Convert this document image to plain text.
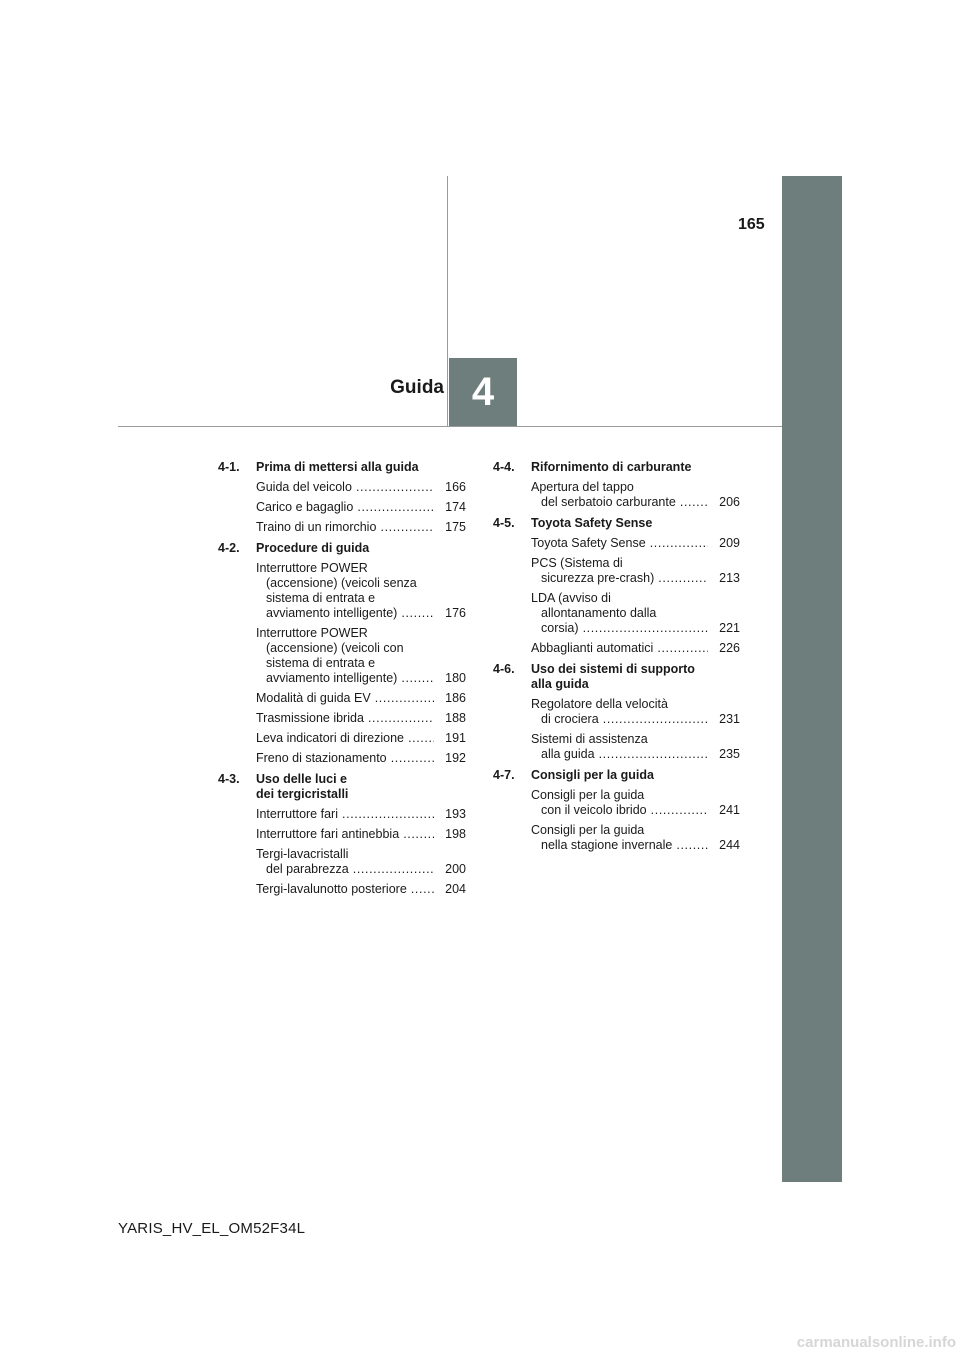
165
Guida 4
4-1.	Prima di mettersi alla guida
Guida del veicolo .....	166
Carico e bagaglio .....	174
Traino di un rimorchio .....	175
4-2.	Procedure di guida
Interruttore POWER
(accensione) (veicoli senza
sistema di entrata e
avviamento intelligente) .....	176
Interruttore POWER
(accensione) (veicoli con
sistema di entrata e
avviamento intelligente) .....	180
Modalità di guida EV .....	186
Trasmissione ibrida .....	188
Leva indicatori di direzione .....	191
Freno di stazionamento .....	192
4-3.	Uso delle luci e
dei tergicristalli
Interruttore fari .....	193
Interruttore fari antinebbia .....	198
Tergi-lavacristalli
del parabrezza .....	200
Tergi-lavalunotto posteriore .....	204
4-4.	Rifornimento di carburante
Apertura del tappo
del serbatoio carburante .....	206
4-5.	Toyota Safety Sense
Toyota Safety Sense .....	209
PCS (Sistema di
sicurezza pre-crash) .....	213
LDA (avviso di
allontanamento dalla
corsia) .....	221
Abbaglianti automatici .....	226
4-6.	Uso dei sistemi di supporto
alla guida
Regolatore della velocità
di crociera .....	231
Sistemi di assistenza
alla guida .....	235
4-7.	Consigli per la guida
Consigli per la guida
con il veicolo ibrido .....	241
Consigli per la guida
nella stagione invernale .....	244
YARIS_HV_EL_OM52F34L
carmanualsonline.info
